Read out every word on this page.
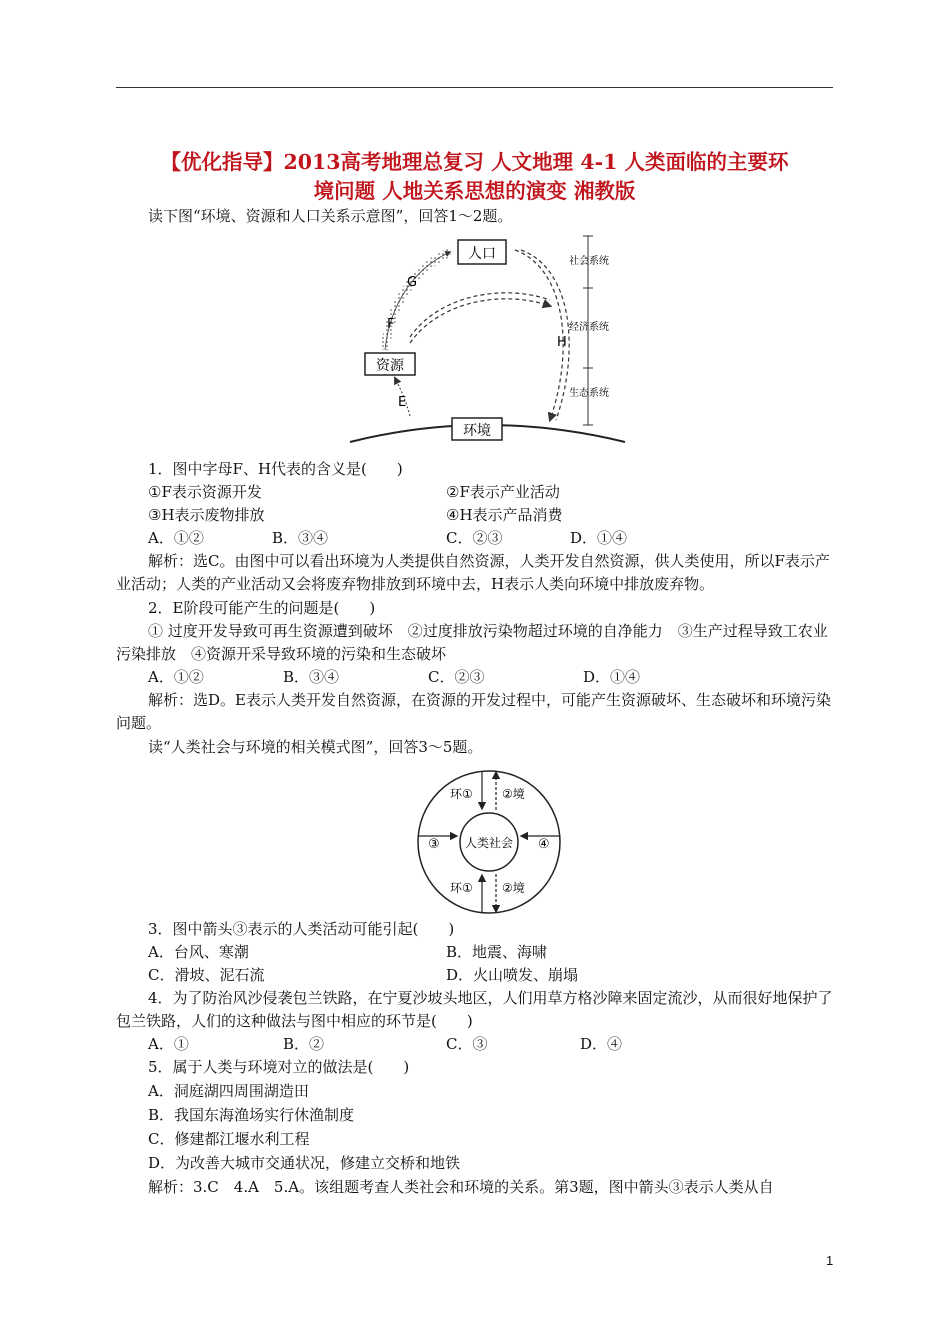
【优化指导】2013高考地理总复习 人文地理 4-1 人类面临的主要环
境问题 人地关系思想的演变 湘教版
读下图“环境、资源和人口关系示意图”，回答1～2题。
人口
资源
环境
G
F
E
H
社会系统
经济系统
生态系统
1．图中字母F、H代表的含义是(　　)
①F表示资源开发	②F表示产业活动
③H表示废物排放	④H表示产品消费
A．①②	B．③④	C．②③	D．①④
解析：选C。由图中可以看出环境为人类提供自然资源，人类开发自然资源，供人类使用，所以F表示产业活动；人类的产业活动又会将废弃物排放到环境中去，H表示人类向环境中排放废弃物。
2．E阶段可能产生的问题是(　　)
① 过度开发导致可再生资源遭到破坏　②过度排放污染物超过环境的自净能力　③生产过程导致工农业污染排放　④资源开采导致环境的污染和生态破坏
A．①②	B．③④	C．②③	D．①④
解析：选D。E表示人类开发自然资源，在资源的开发过程中，可能产生资源破坏、生态破坏和环境污染问题。
读“人类社会与环境的相关模式图”，回答3～5题。
人类社会
环① ②境
环① ②境
③	④
3．图中箭头③表示的人类活动可能引起(　　)
A．台风、寒潮	B．地震、海啸
C．滑坡、泥石流	D．火山喷发、崩塌
4．为了防治风沙侵袭包兰铁路，在宁夏沙坡头地区，人们用草方格沙障来固定流沙，从而很好地保护了包兰铁路，人们的这种做法与图中相应的环节是(　　)
A．①	B．②	C．③	D．④
5．属于人类与环境对立的做法是(　　)
A．洞庭湖四周围湖造田
B．我国东海渔场实行休渔制度
C．修建都江堰水利工程
D．为改善大城市交通状况，修建立交桥和地铁
解析：3.C　4.A　5.A。该组题考查人类社会和环境的关系。第3题，图中箭头③表示人类从自
1
